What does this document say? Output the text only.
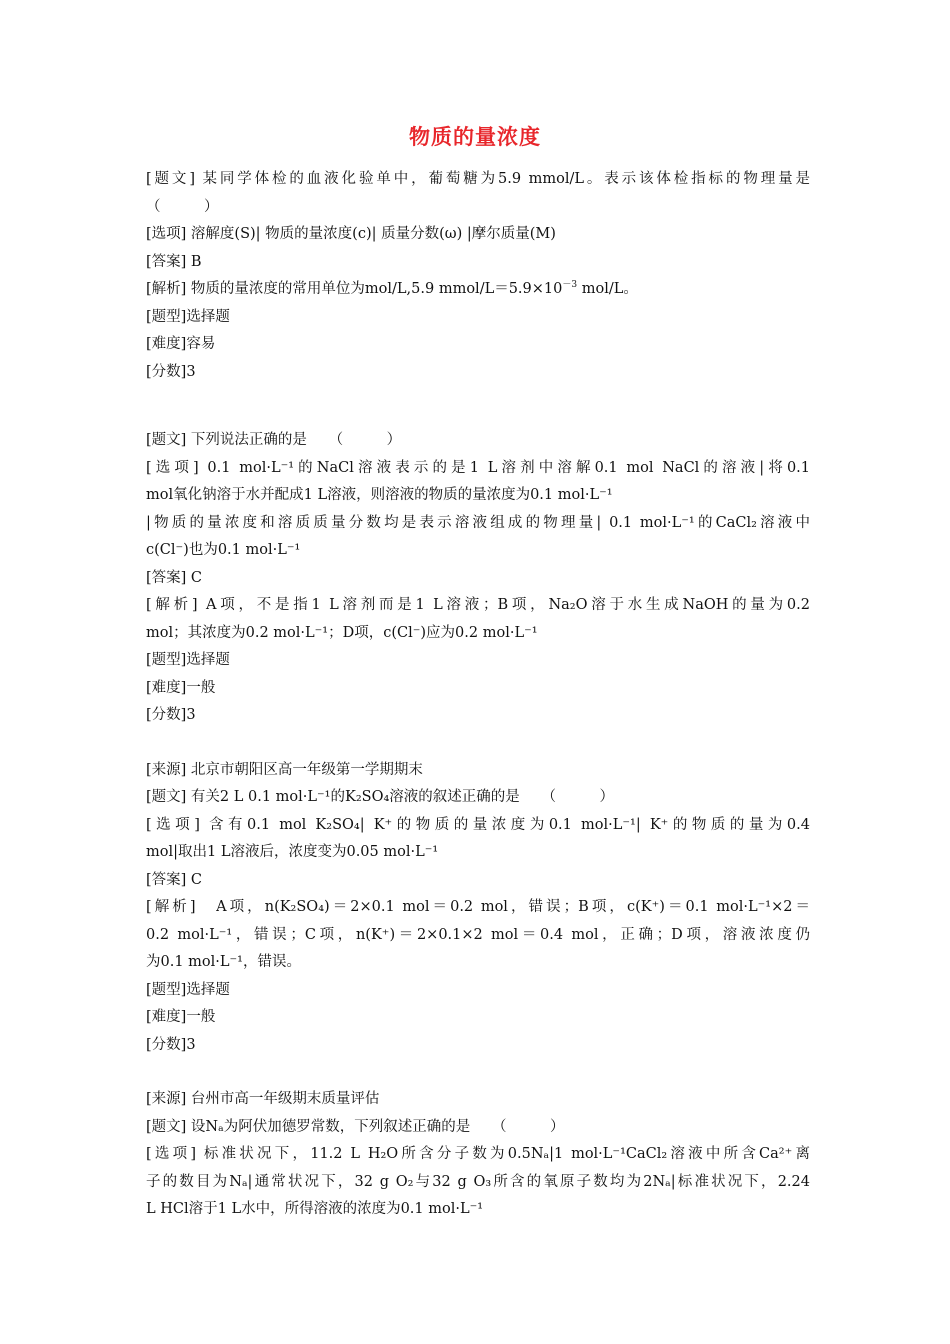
物质的量浓度
[题文] 某同学体检的血液化验单中，葡萄糖为5.9 mmol/L。表示该体检指标的物理量是
（　　　）
[选项] 溶解度(S)| 物质的量浓度(c)| 质量分数(ω) |摩尔质量(M)
[答案] B
[解析] 物质的量浓度的常用单位为mol/L,5.9 mmol/$L=5.9\times 10^{-3}$ mol/L。
[题型]选择题
[难度]容易
[分数]3
[题文] 下列说法正确的是　　（　　　）
[选项] 0.1 mol·L⁻¹的NaCl溶液表示的是1 L溶剂中溶解0.1 mol NaCl的溶液|将0.1
mol氧化钠溶于水并配成1 L溶液，则溶液的物质的量浓度为0.1 mol·L⁻¹
|物质的量浓度和溶质质量分数均是表示溶液组成的物理量| 0.1 mol·L⁻¹的CaCl₂溶液中
c(Cl⁻)也为0.1 mol·L⁻¹
[答案] C
[解析] A项，不是指1 L溶剂而是1 L溶液；B项，Na₂O溶于水生成NaOH的量为0.2
mol；其浓度为0.2 mol·L⁻¹；D项，c(Cl⁻)应为0.2 mol·L⁻¹
[题型]选择题
[难度]一般
[分数]3
[来源] 北京市朝阳区高一年级第一学期期末
[题文] 有关2 L 0.1 mol·L⁻¹的K₂SO₄溶液的叙述正确的是　　（　　　）
[选项] 含有0.1 mol K₂SO₄| K⁺的物质的量浓度为0.1 mol·L⁻¹| K⁺的物质的量为0.4
mol|取出1 L溶液后，浓度变为0.05 mol·L⁻¹
[答案] C
[解析]　A项，n(K₂SO₄)＝2×0.1 mol＝0.2 mol，错误；B项，c(K⁺)＝0.1 mol·L⁻¹×2＝
0.2 mol·L⁻¹，错误；C项，n(K⁺)＝2×0.1×2 mol＝0.4 mol，正确；D项，溶液浓度仍
为0.1 mol·L⁻¹，错误。
[题型]选择题
[难度]一般
[分数]3
[来源] 台州市高一年级期末质量评估
[题文] 设Nₐ为阿伏加德罗常数，下列叙述正确的是　　（　　　）
[选项] 标准状况下，11.2 L H₂O所含分子数为0.5Nₐ|1 mol·L⁻¹CaCl₂溶液中所含Ca²⁺离
子的数目为Nₐ|通常状况下，32 g O₂与32 g O₃所含的氧原子数均为2Nₐ|标准状况下，2.24
L HCl溶于1 L水中，所得溶液的浓度为0.1 mol·L⁻¹
